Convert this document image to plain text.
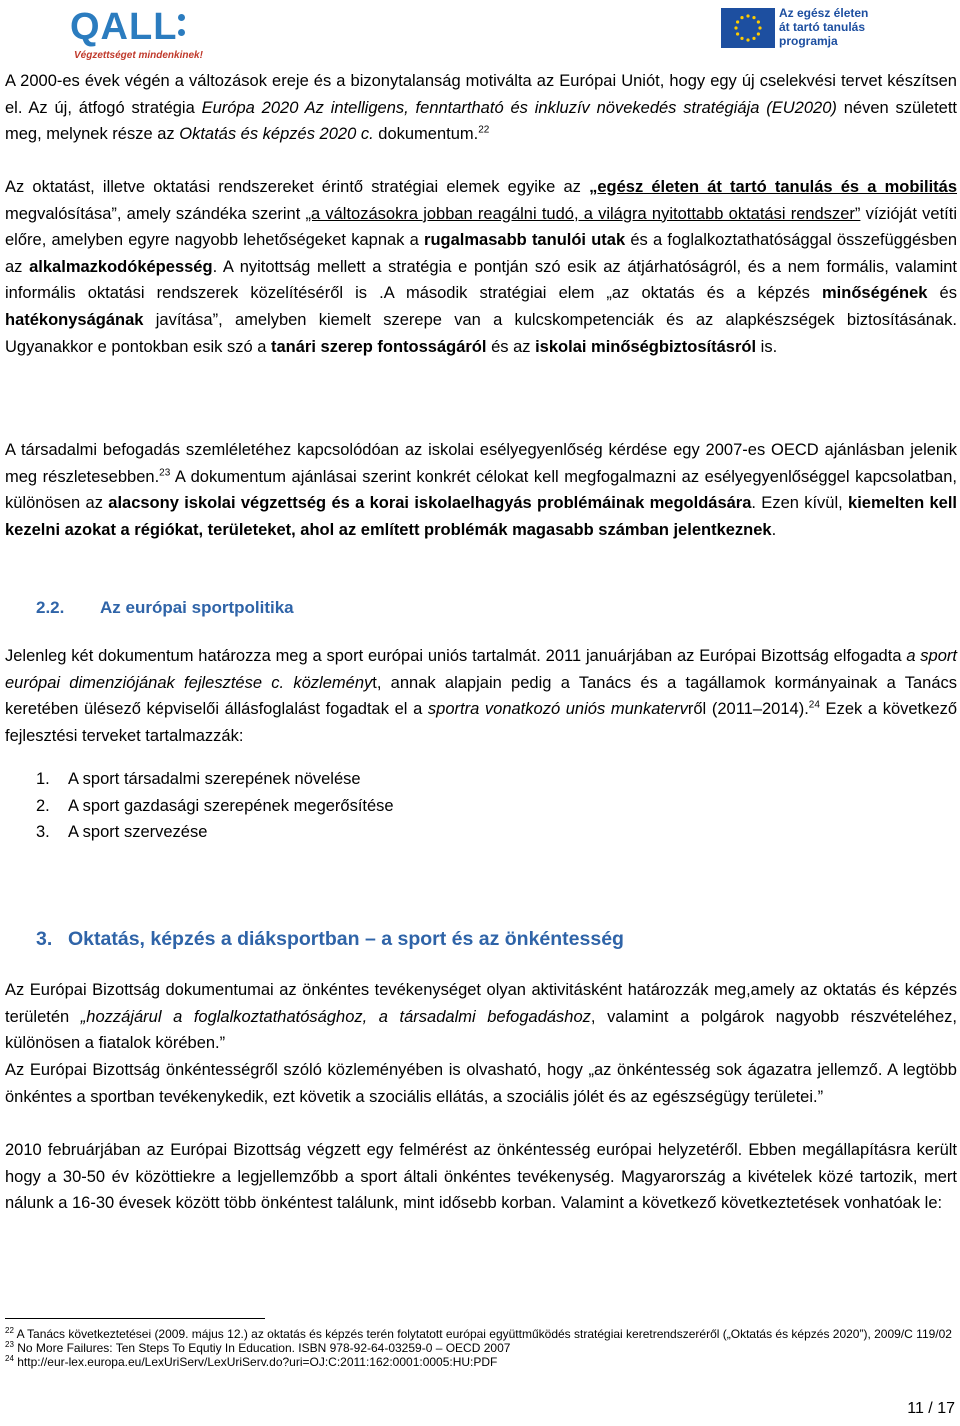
QALL
Végzettséget mindenkinek!
Az egész életen
át tartó tanulás
programja

A 2000-es évek végén a változások ereje és a bizonytalanság motiválta az Európai Uniót, hogy egy új cselekvési tervet készítsen el. Az új, átfogó stratégia Európa 2020 Az intelligens, fenntartható és inkluzív növekedés stratégiája (EU2020) néven született meg, melynek része az Oktatás és képzés 2020 c. dokumentum.$^{22}$

Az oktatást, illetve oktatási rendszereket érintő stratégiai elemek egyike az „egész életen át tartó tanulás és a mobilitás megvalósítása”, amely szándéka szerint „a változásokra jobban reagálni tudó, a világra nyitottabb oktatási rendszer” vízióját vetíti előre, amelyben egyre nagyobb lehetőségeket kapnak a rugalmasabb tanulói utak és a foglalkoztathatósággal összefüggésben az alkalmazkodóképesség. A nyitottság mellett a stratégia e pontján szó esik az átjárhatóságról, és a nem formális, valamint informális oktatási rendszerek közelítéséről is .A második stratégiai elem „az oktatás és a képzés minőségének és hatékonyságának javítása”, amelyben kiemelt szerepe van a kulcskompetenciák és az alapkészségek biztosításának. Ugyanakkor e pontokban esik szó a tanári szerep fontosságáról és az iskolai minőségbiztosításról is.

A társadalmi befogadás szemléletéhez kapcsolódóan az iskolai esélyegyenlőség kérdése egy 2007-es OECD ajánlásban jelenik meg részletesebben.$^{23}$ A dokumentum ajánlásai szerint konkrét célokat kell megfogalmazni az esélyegyenlőséggel kapcsolatban, különösen az alacsony iskolai végzettség és a korai iskolaelhagyás problémáinak megoldására. Ezen kívül, kiemelten kell kezelni azokat a régiókat, területeket, ahol az említett problémák magasabb számban jelentkeznek.

2.2. Az európai sportpolitika

Jelenleg két dokumentum határozza meg a sport európai uniós tartalmát. 2011 januárjában az Európai Bizottság elfogadta a sport európai dimenziójának fejlesztése c. közleményt, annak alapjain pedig a Tanács és a tagállamok kormányainak a Tanács keretében ülésező képviselői állásfoglalást fogadtak el a sportra vonatkozó uniós munkatervről (2011–2014).$^{24}$ Ezek a következő fejlesztési terveket tartalmazzák:

1. A sport társadalmi szerepének növelése
2. A sport gazdasági szerepének megerősítése
3. A sport szervezése
3. Oktatás, képzés a diáksportban – a sport és az önkéntesség

Az Európai Bizottság dokumentumai az önkéntes tevékenységet olyan aktivitásként határozzák meg,amely az oktatás és képzés területén „hozzájárul a foglalkoztathatósághoz, a társadalmi befogadáshoz, valamint a polgárok nagyobb részvételéhez, különösen a fiatalok körében.”

Az Európai Bizottság önkéntességről szóló közleményében is olvasható, hogy „az önkéntesség sok ágazatra jellemző. A legtöbb önkéntes a sportban tevékenykedik, ezt követik a szociális ellátás, a szociális jólét és az egészségügy területei.”

2010 februárjában az Európai Bizottság végzett egy felmérést az önkéntesség európai helyzetéről. Ebben megállapításra került hogy a 30-50 év közöttiekre a legjellemzőbb a sport általi önkéntes tevékenység. Magyarország a kivételek közé tartozik, mert nálunk a 16-30 évesek között több önkéntest találunk, mint idősebb korban. Valamint a következő következtetések vonhatóak le:

$^{22}$ A Tanács következtetései (2009. május 12.) az oktatás és képzés terén folytatott európai együttműködés stratégiai keretrendszeréről („Oktatás és képzés 2020”), 2009/C 119/02
$^{23}$ No More Failures: Ten Steps To Equtiy In Education. ISBN 978-92-64-03259-0 – OECD 2007
$^{24}$ http://eur-lex.europa.eu/LexUriServ/LexUriServ.do?uri=OJ:C:2011:162:0001:0005:HU:PDF
11 / 17
